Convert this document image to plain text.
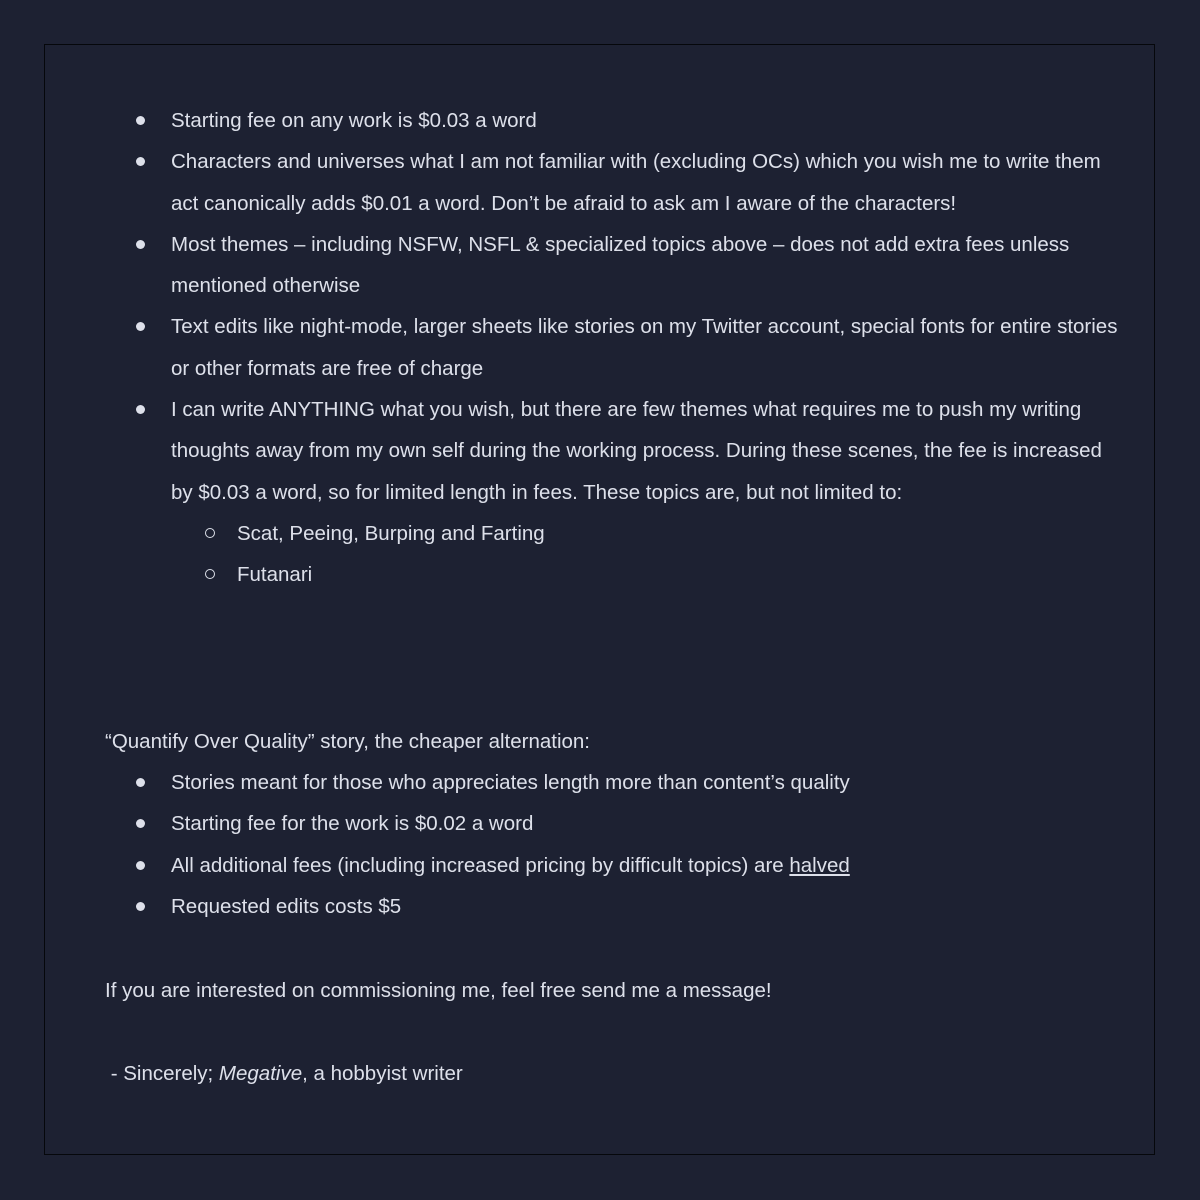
Starting fee on any work is $0.03 a word
Characters and universes what I am not familiar with (excluding OCs) which you wish me to write them act canonically adds $0.01 a word. Don’t be afraid to ask am I aware of the characters!
Most themes – including NSFW, NSFL & specialized topics above – does not add extra fees unless mentioned otherwise
Text edits like night-mode, larger sheets like stories on my Twitter account, special fonts for entire stories or other formats are free of charge
I can write ANYTHING what you wish, but there are few themes what requires me to push my writing thoughts away from my own self during the working process. During these scenes, the fee is increased by $0.03 a word, so for limited length in fees. These topics are, but not limited to:
Scat, Peeing, Burping and Farting
Futanari
“Quantify Over Quality” story, the cheaper alternation:
Stories meant for those who appreciates length more than content’s quality
Starting fee for the work is $0.02 a word
All additional fees (including increased pricing by difficult topics) are halved
Requested edits costs $5
If you are interested on commissioning me, feel free send me a message!
- Sincerely; Megative, a hobbyist writer
